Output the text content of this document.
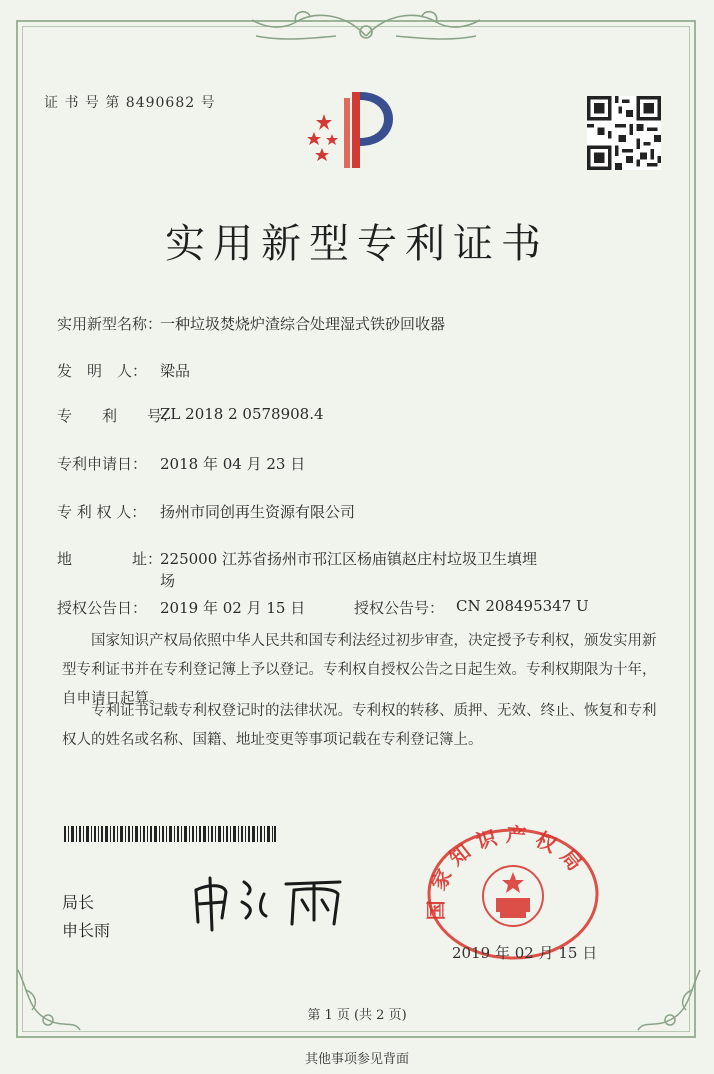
证 书 号 第 8490682 号
实用新型专利证书
实用新型名称：
一种垃圾焚烧炉渣综合处理湿式铁砂回收器
发　明　人： 梁品
专　　利　　号：
ZL 2018 2 0578908.4
专利申请日： 2018 年 04 月 23 日
专 利 权 人： 扬州市同创再生资源有限公司
地　　　　址：
225000 江苏省扬州市邗江区杨庙镇赵庄村垃圾卫生填埋
场
授权公告日： 2019 年 02 月 15 日	授权公告号： CN 208495347 U
国家知识产权局依照中华人民共和国专利法经过初步审查，决定授予专利权，颁发实用新型专利证书并在专利登记簿上予以登记。专利权自授权公告之日起生效。专利权期限为十年，自申请日起算。
专利证书记载专利权登记时的法律状况。专利权的转移、质押、无效、终止、恢复和专利权人的姓名或名称、国籍、地址变更等事项记载在专利登记簿上。
局长
申长雨
国家知识产权局
2019 年 02 月 15 日
第 1 页 (共 2 页)
其他事项参见背面
